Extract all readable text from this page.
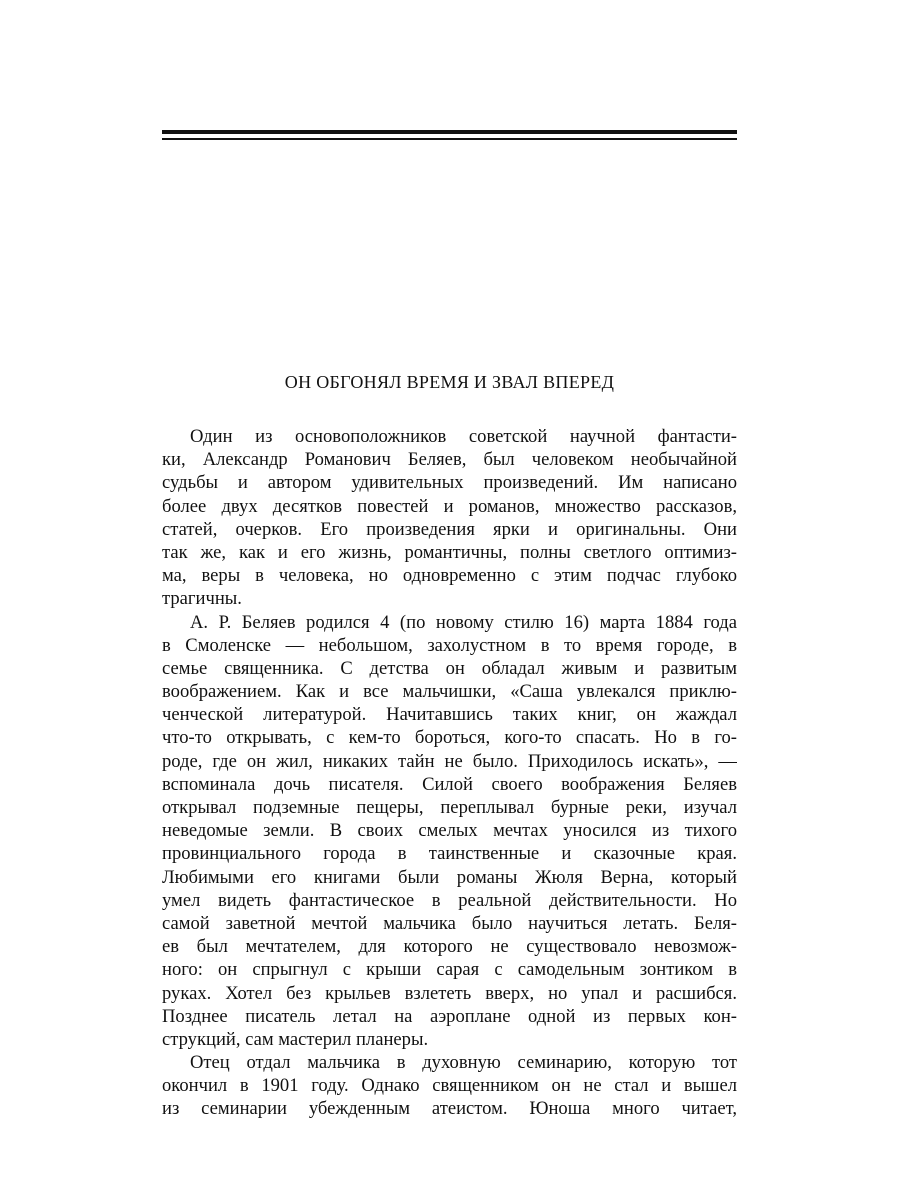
ОН ОБГОНЯЛ ВРЕМЯ И ЗВАЛ ВПЕРЕД
Один из основоположников советской научной фантасти-
ки, Александр Романович Беляев, был человеком необычайной
судьбы и автором удивительных произведений. Им написано
более двух десятков повестей и романов, множество рассказов,
статей, очерков. Его произведения ярки и оригинальны. Они
так же, как и его жизнь, романтичны, полны светлого оптимиз-
ма, веры в человека, но одновременно с этим подчас глубоко
трагичны.
А. Р. Беляев родился 4 (по новому стилю 16) марта 1884 года
в Смоленске — небольшом, захолустном в то время городе, в
семье священника. С детства он обладал живым и развитым
воображением. Как и все мальчишки, «Саша увлекался приклю-
ченческой литературой. Начитавшись таких книг, он жаждал
что-то открывать, с кем-то бороться, кого-то спасать. Но в го-
роде, где он жил, никаких тайн не было. Приходилось искать», —
вспоминала дочь писателя. Силой своего воображения Беляев
открывал подземные пещеры, переплывал бурные реки, изучал
неведомые земли. В своих смелых мечтах уносился из тихого
провинциального города в таинственные и сказочные края.
Любимыми его книгами были романы Жюля Верна, который
умел видеть фантастическое в реальной действительности. Но
самой заветной мечтой мальчика было научиться летать. Беля-
ев был мечтателем, для которого не существовало невозмож-
ного: он спрыгнул с крыши сарая с самодельным зонтиком в
руках. Хотел без крыльев взлететь вверх, но упал и расшибся.
Позднее писатель летал на аэроплане одной из первых кон-
струкций, сам мастерил планеры.
Отец отдал мальчика в духовную семинарию, которую тот
окончил в 1901 году. Однако священником он не стал и вышел
из семинарии убежденным атеистом. Юноша много читает,
